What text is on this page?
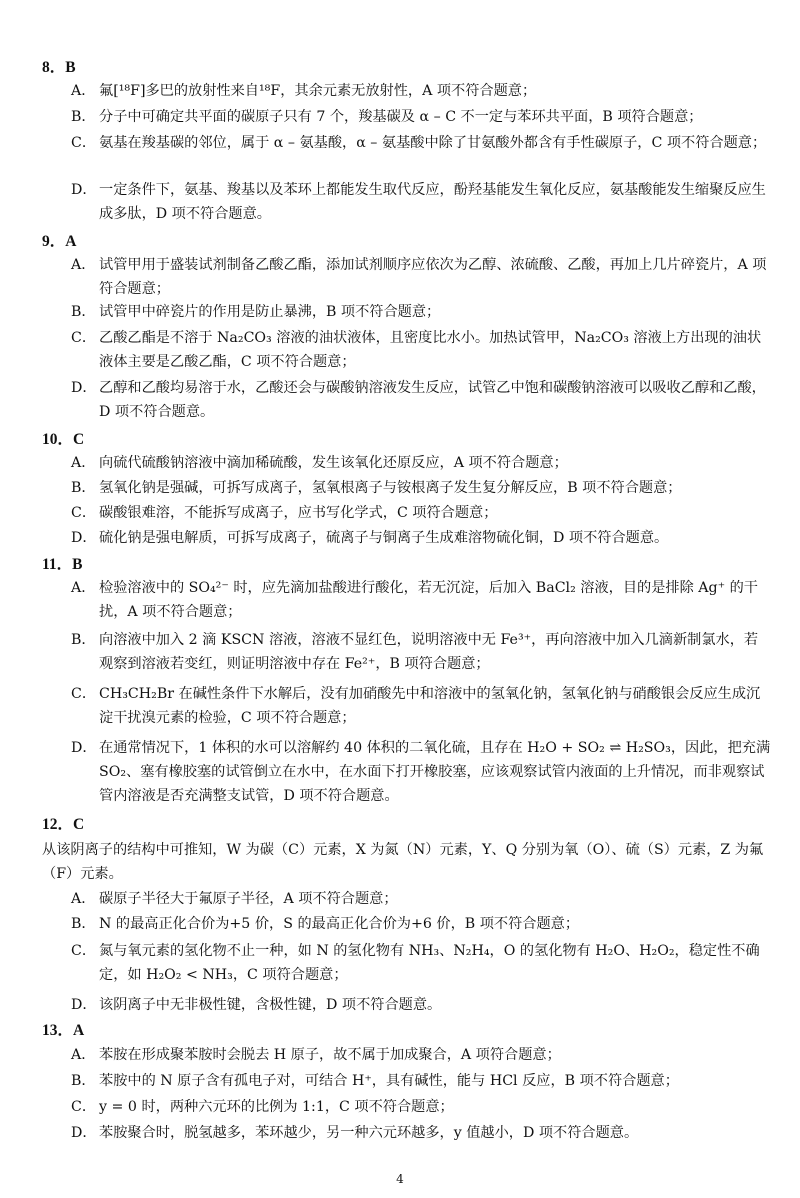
8．B
A． 氟[¹⁸F]多巴的放射性来自¹⁸F，其余元素无放射性，A 项不符合题意；
B． 分子中可确定共平面的碳原子只有 7 个，羧基碳及 α – C 不一定与苯环共平面，B 项符合题意；
C． 氨基在羧基碳的邻位，属于 α – 氨基酸，α – 氨基酸中除了甘氨酸外都含有手性碳原子，C 项不符合题意；
D． 一定条件下，氨基、羧基以及苯环上都能发生取代反应，酚羟基能发生氧化反应，氨基酸能发生缩聚反应生成多肽，D 项不符合题意。
9．A
A． 试管甲用于盛装试剂制备乙酸乙酯，添加试剂顺序应依次为乙醇、浓硫酸、乙酸，再加上几片碎瓷片，A 项符合题意；
B． 试管甲中碎瓷片的作用是防止暴沸，B 项不符合题意；
C． 乙酸乙酯是不溶于 Na₂CO₃ 溶液的油状液体，且密度比水小。加热试管甲，Na₂CO₃ 溶液上方出现的油状液体主要是乙酸乙酯，C 项不符合题意；
D． 乙醇和乙酸均易溶于水，乙酸还会与碳酸钠溶液发生反应，试管乙中饱和碳酸钠溶液可以吸收乙醇和乙酸，D 项不符合题意。
10．C
A． 向硫代硫酸钠溶液中滴加稀硫酸，发生该氧化还原反应，A 项不符合题意；
B． 氢氧化钠是强碱，可拆写成离子，氢氧根离子与铵根离子发生复分解反应，B 项不符合题意；
C． 碳酸银难溶，不能拆写成离子，应书写化学式，C 项符合题意；
D． 硫化钠是强电解质，可拆写成离子，硫离子与铜离子生成难溶物硫化铜，D 项不符合题意。
11．B
A． 检验溶液中的 SO₄²⁻ 时，应先滴加盐酸进行酸化，若无沉淀，后加入 BaCl₂ 溶液，目的是排除 Ag⁺ 的干扰，A 项不符合题意；
B． 向溶液中加入 2 滴 KSCN 溶液，溶液不显红色，说明溶液中无 Fe³⁺，再向溶液中加入几滴新制氯水，若观察到溶液若变红，则证明溶液中存在 Fe²⁺，B 项符合题意；
C． CH₃CH₂Br 在碱性条件下水解后，没有加硝酸先中和溶液中的氢氧化钠，氢氧化钠与硝酸银会反应生成沉淀干扰溴元素的检验，C 项不符合题意；
D． 在通常情况下，1 体积的水可以溶解约 40 体积的二氧化硫，且存在 H₂O + SO₂ ⇌ H₂SO₃，因此，把充满 SO₂、塞有橡胶塞的试管倒立在水中，在水面下打开橡胶塞，应该观察试管内液面的上升情况，而非观察试管内溶液是否充满整支试管，D 项不符合题意。
12．C
从该阴离子的结构中可推知，W 为碳（C）元素，X 为氮（N）元素，Y、Q 分别为氧（O）、硫（S）元素，Z 为氟（F）元素。
A． 碳原子半径大于氟原子半径，A 项不符合题意；
B． N 的最高正化合价为+5 价，S 的最高正化合价为+6 价，B 项不符合题意；
C． 氮与氧元素的氢化物不止一种，如 N 的氢化物有 NH₃、N₂H₄，O 的氢化物有 H₂O、H₂O₂，稳定性不确定，如 H₂O₂ < NH₃，C 项符合题意；
D． 该阴离子中无非极性键，含极性键，D 项不符合题意。
13．A
A． 苯胺在形成聚苯胺时会脱去 H 原子，故不属于加成聚合，A 项符合题意；
B． 苯胺中的 N 原子含有孤电子对，可结合 H⁺，具有碱性，能与 HCl 反应，B 项不符合题意；
C． y = 0 时，两种六元环的比例为 1:1，C 项不符合题意；
D． 苯胺聚合时，脱氢越多，苯环越少，另一种六元环越多，y 值越小，D 项不符合题意。
4
